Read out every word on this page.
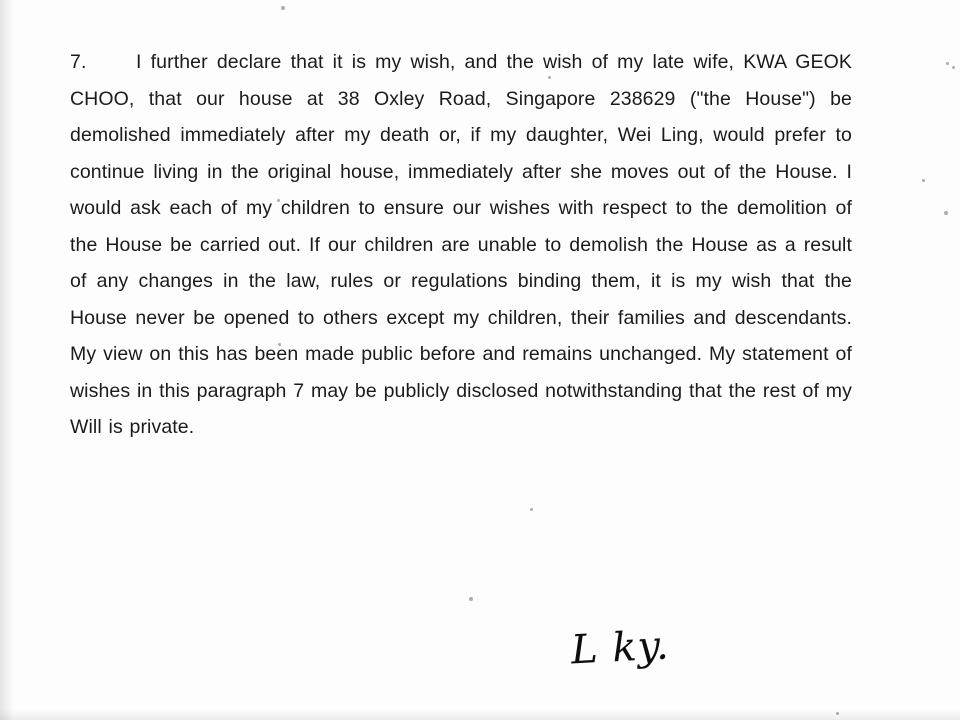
7.	I further declare that it is my wish, and the wish of my late wife, KWA GEOK CHOO, that our house at 38 Oxley Road, Singapore 238629 ("the House") be demolished immediately after my death or, if my daughter, Wei Ling, would prefer to continue living in the original house, immediately after she moves out of the House. I would ask each of my children to ensure our wishes with respect to the demolition of the House be carried out. If our children are unable to demolish the House as a result of any changes in the law, rules or regulations binding them, it is my wish that the House never be opened to others except my children, their families and descendants. My view on this has been made public before and remains unchanged. My statement of wishes in this paragraph 7 may be publicly disclosed notwithstanding that the rest of my Will is private.

L ky.
